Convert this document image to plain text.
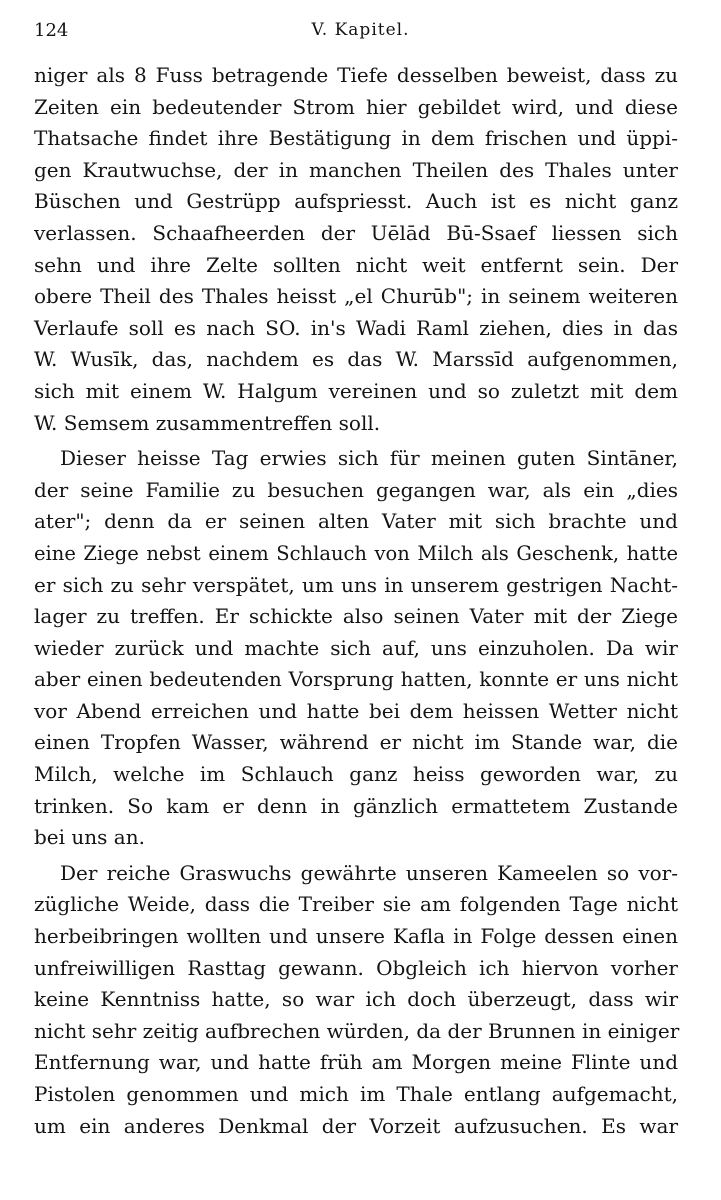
124	V. Kapitel.
niger als 8 Fuss betragende Tiefe desselben beweist, dass zu
Zeiten ein bedeutender Strom hier gebildet wird, und diese
Thatsache findet ihre Bestätigung in dem frischen und üppi-
gen Krautwuchse, der in manchen Theilen des Thales unter
Büschen und Gestrüpp aufspriesst. Auch ist es nicht ganz
verlassen. Schaafheerden der Uēlād Bū-Ssaef liessen sich
sehn und ihre Zelte sollten nicht weit entfernt sein. Der
obere Theil des Thales heisst „el Churūb"; in seinem weiteren
Verlaufe soll es nach SO. in's Wadi Raml ziehen, dies in das
W. Wusīk, das, nachdem es das W. Marssīd aufgenommen,
sich mit einem W. Halgum vereinen und so zuletzt mit dem
W. Semsem zusammentreffen soll.
Dieser heisse Tag erwies sich für meinen guten Sintāner,
der seine Familie zu besuchen gegangen war, als ein „dies
ater"; denn da er seinen alten Vater mit sich brachte und
eine Ziege nebst einem Schlauch von Milch als Geschenk, hatte
er sich zu sehr verspätet, um uns in unserem gestrigen Nacht-
lager zu treffen. Er schickte also seinen Vater mit der Ziege
wieder zurück und machte sich auf, uns einzuholen. Da wir
aber einen bedeutenden Vorsprung hatten, konnte er uns nicht
vor Abend erreichen und hatte bei dem heissen Wetter nicht
einen Tropfen Wasser, während er nicht im Stande war, die
Milch, welche im Schlauch ganz heiss geworden war, zu
trinken. So kam er denn in gänzlich ermattetem Zustande
bei uns an.
Der reiche Graswuchs gewährte unseren Kameelen so vor-
zügliche Weide, dass die Treiber sie am folgenden Tage nicht
herbeibringen wollten und unsere Kafla in Folge dessen einen
unfreiwilligen Rasttag gewann. Obgleich ich hiervon vorher
keine Kenntniss hatte, so war ich doch überzeugt, dass wir
nicht sehr zeitig aufbrechen würden, da der Brunnen in einiger
Entfernung war, und hatte früh am Morgen meine Flinte und
Pistolen genommen und mich im Thale entlang aufgemacht,
um ein anderes Denkmal der Vorzeit aufzusuchen. Es war
